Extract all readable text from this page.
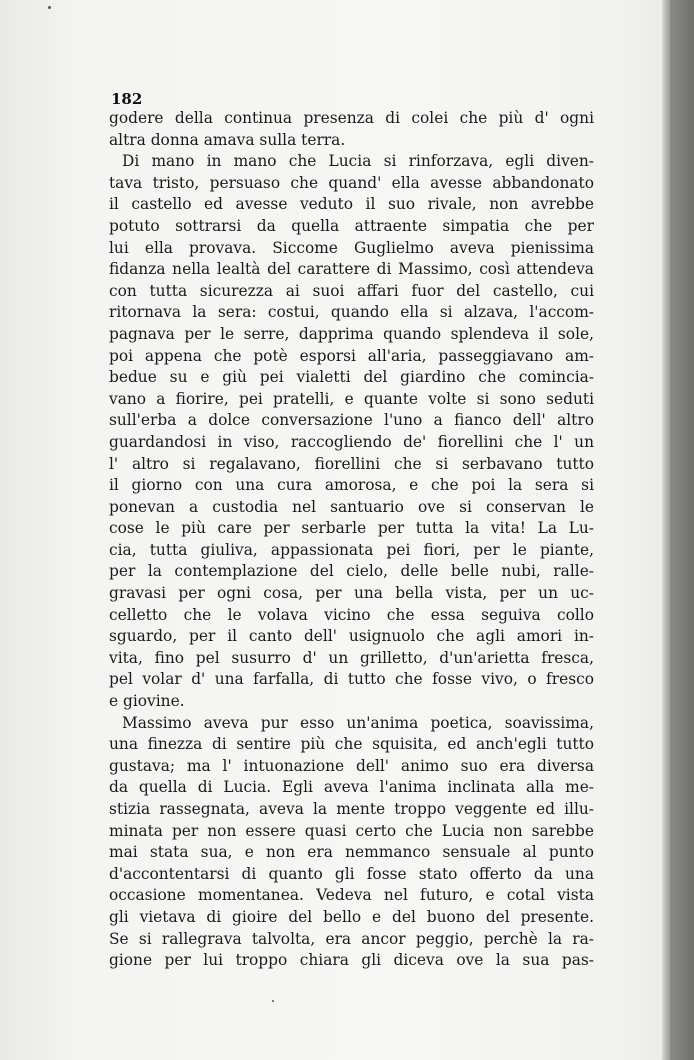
182
godere della continua presenza di colei che più d' ogni
altra donna amava sulla terra.
Di mano in mano che Lucia si rinforzava, egli diven-
tava tristo, persuaso che quand' ella avesse abbandonato
il castello ed avesse veduto il suo rivale, non avrebbe
potuto sottrarsi da quella attraente simpatia che per
lui ella provava. Siccome Guglielmo aveva pienissima
fidanza nella lealtà del carattere di Massimo, così attendeva
con tutta sicurezza ai suoi affari fuor del castello, cui
ritornava la sera: costui, quando ella si alzava, l'accom-
pagnava per le serre, dapprima quando splendeva il sole,
poi appena che potè esporsi all'aria, passeggiavano am-
bedue su e giù pei vialetti del giardino che comincia-
vano a fiorire, pei pratelli, e quante volte si sono seduti
sull'erba a dolce conversazione l'uno a fianco dell' altro
guardandosi in viso, raccogliendo de' fiorellini che l' un
l' altro si regalavano, fiorellini che si serbavano tutto
il giorno con una cura amorosa, e che poi la sera si
ponevan a custodia nel santuario ove si conservan le
cose le più care per serbarle per tutta la vita! La Lu-
cia, tutta giuliva, appassionata pei fiori, per le piante,
per la contemplazione del cielo, delle belle nubi, ralle-
gravasi per ogni cosa, per una bella vista, per un uc-
celletto che le volava vicino che essa seguiva collo
sguardo, per il canto dell' usignuolo che agli amori in-
vita, fino pel susurro d' un grilletto, d'un'arietta fresca,
pel volar d' una farfalla, di tutto che fosse vivo, o fresco
e giovine.
Massimo aveva pur esso un'anima poetica, soavissima,
una finezza di sentire più che squisita, ed anch'egli tutto
gustava; ma l' intuonazione dell' animo suo era diversa
da quella di Lucia. Egli aveva l'anima inclinata alla me-
stizia rassegnata, aveva la mente troppo veggente ed illu-
minata per non essere quasi certo che Lucia non sarebbe
mai stata sua, e non era nemmanco sensuale al punto
d'accontentarsi di quanto gli fosse stato offerto da una
occasione momentanea. Vedeva nel futuro, e cotal vista
gli vietava di gioire del bello e del buono del presente.
Se si rallegrava talvolta, era ancor peggio, perchè la ra-
gione per lui troppo chiara gli diceva ove la sua pas-
